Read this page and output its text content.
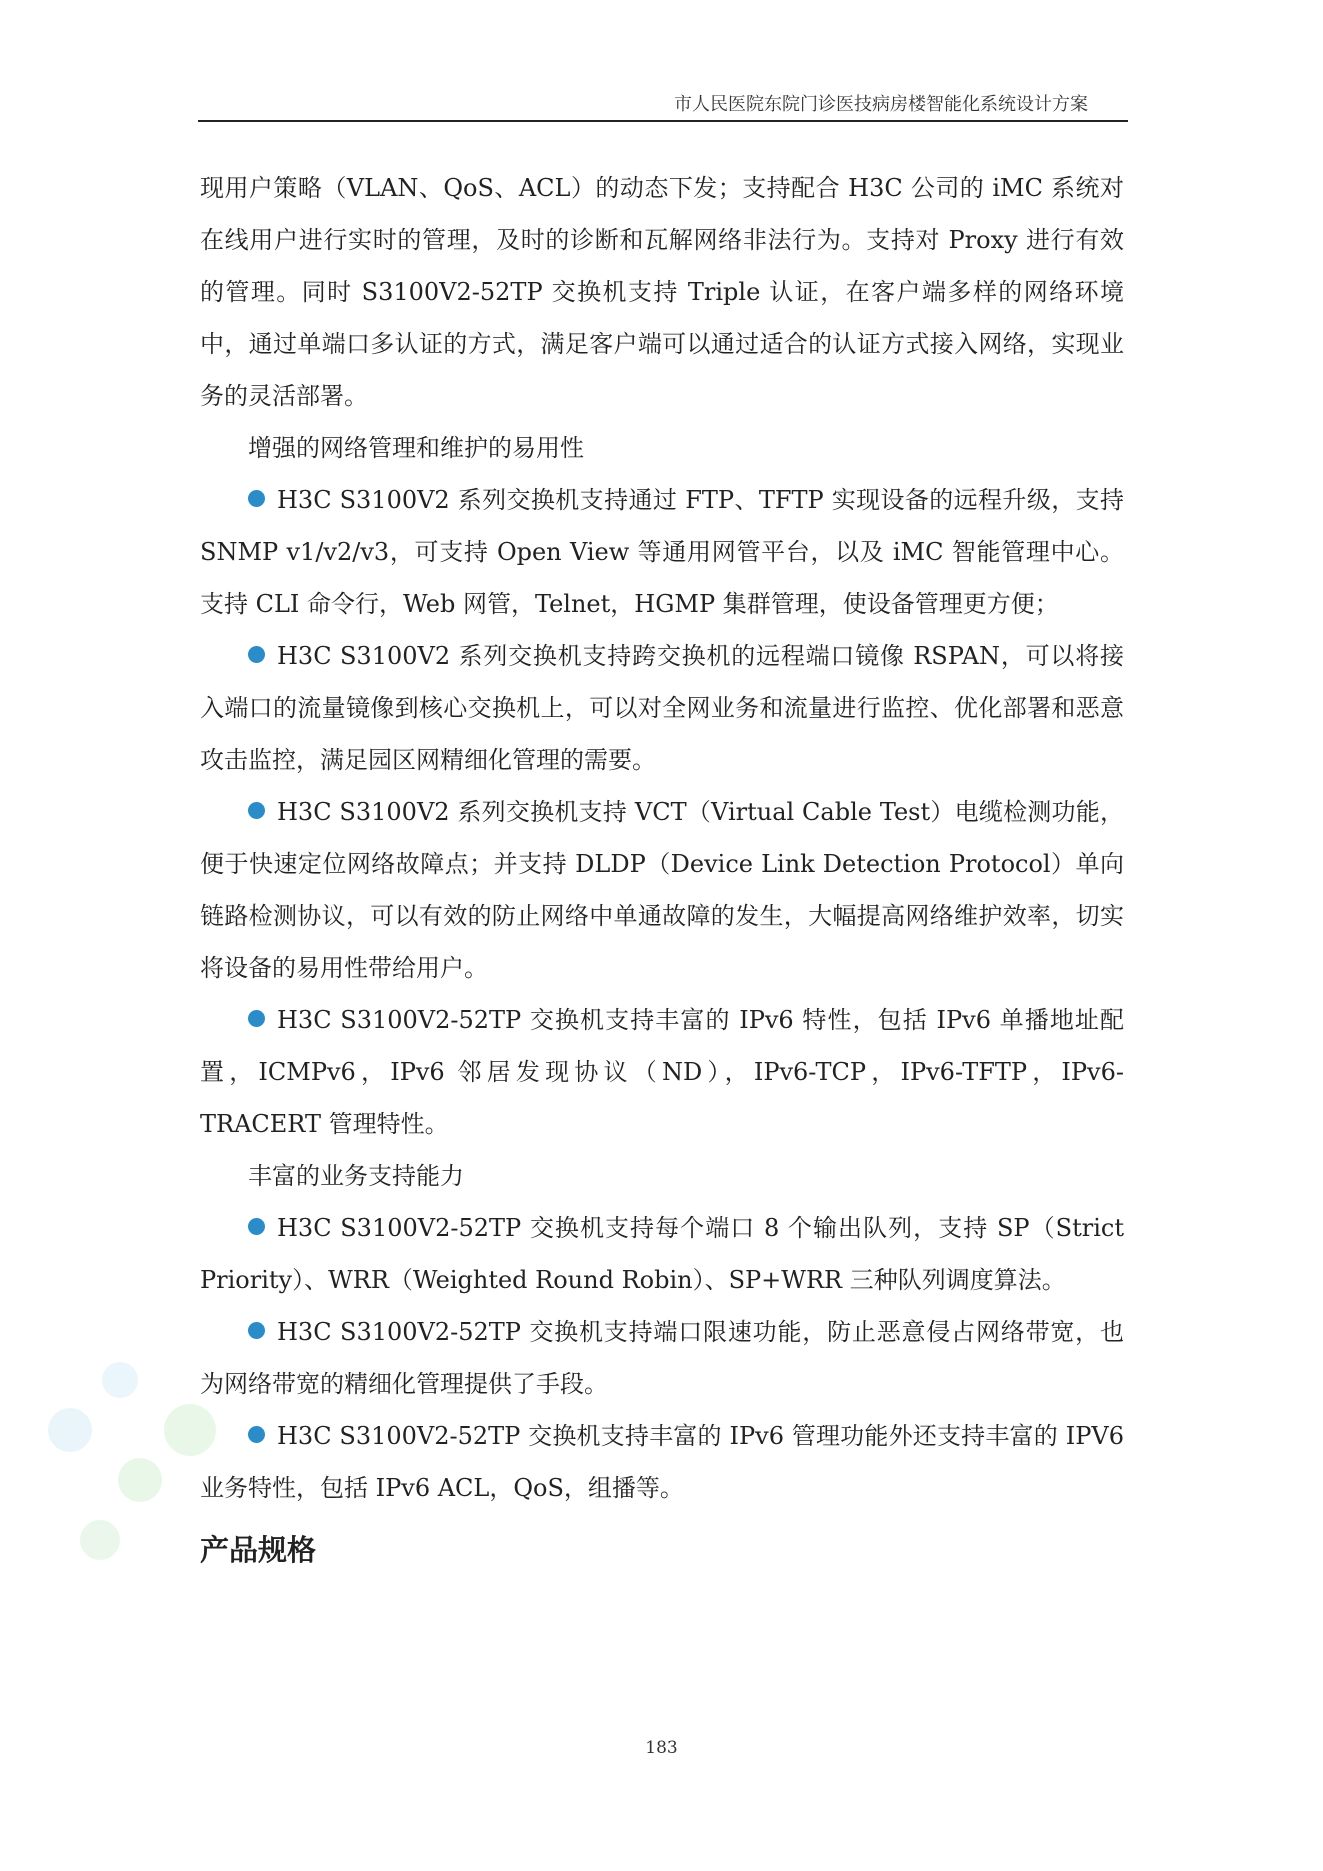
市人民医院东院门诊医技病房楼智能化系统设计方案

现用户策略（VLAN、QoS、ACL）的动态下发；支持配合 H3C 公司的 iMC 系统对在线用户进行实时的管理，及时的诊断和瓦解网络非法行为。支持对 Proxy 进行有效的管理。同时 S3100V2-52TP 交换机支持 Triple 认证，在客户端多样的网络环境中，通过单端口多认证的方式，满足客户端可以通过适合的认证方式接入网络，实现业务的灵活部署。

增强的网络管理和维护的易用性

H3C S3100V2 系列交换机支持通过 FTP、TFTP 实现设备的远程升级，支持 SNMP v1/v2/v3，可支持 Open View 等通用网管平台，以及 iMC 智能管理中心。支持 CLI 命令行，Web 网管，Telnet，HGMP 集群管理，使设备管理更方便；

H3C S3100V2 系列交换机支持跨交换机的远程端口镜像 RSPAN，可以将接入端口的流量镜像到核心交换机上，可以对全网业务和流量进行监控、优化部署和恶意攻击监控，满足园区网精细化管理的需要。

H3C S3100V2 系列交换机支持 VCT（Virtual Cable Test）电缆检测功能，便于快速定位网络故障点；并支持 DLDP（Device Link Detection Protocol）单向链路检测协议，可以有效的防止网络中单通故障的发生，大幅提高网络维护效率，切实将设备的易用性带给用户。

H3C S3100V2-52TP 交换机支持丰富的 IPv6 特性，包括 IPv6 单播地址配置，ICMPv6，IPv6 邻居发现协议（ND），IPv6-TCP，IPv6-TFTP，IPv6-TRACERT 管理特性。

丰富的业务支持能力

H3C S3100V2-52TP 交换机支持每个端口 8 个输出队列，支持 SP（Strict Priority）、WRR（Weighted Round Robin）、SP+WRR 三种队列调度算法。

H3C S3100V2-52TP 交换机支持端口限速功能，防止恶意侵占网络带宽，也为网络带宽的精细化管理提供了手段。

H3C S3100V2-52TP 交换机支持丰富的 IPv6 管理功能外还支持丰富的 IPV6 业务特性，包括 IPv6 ACL，QoS，组播等。

产品规格
183
